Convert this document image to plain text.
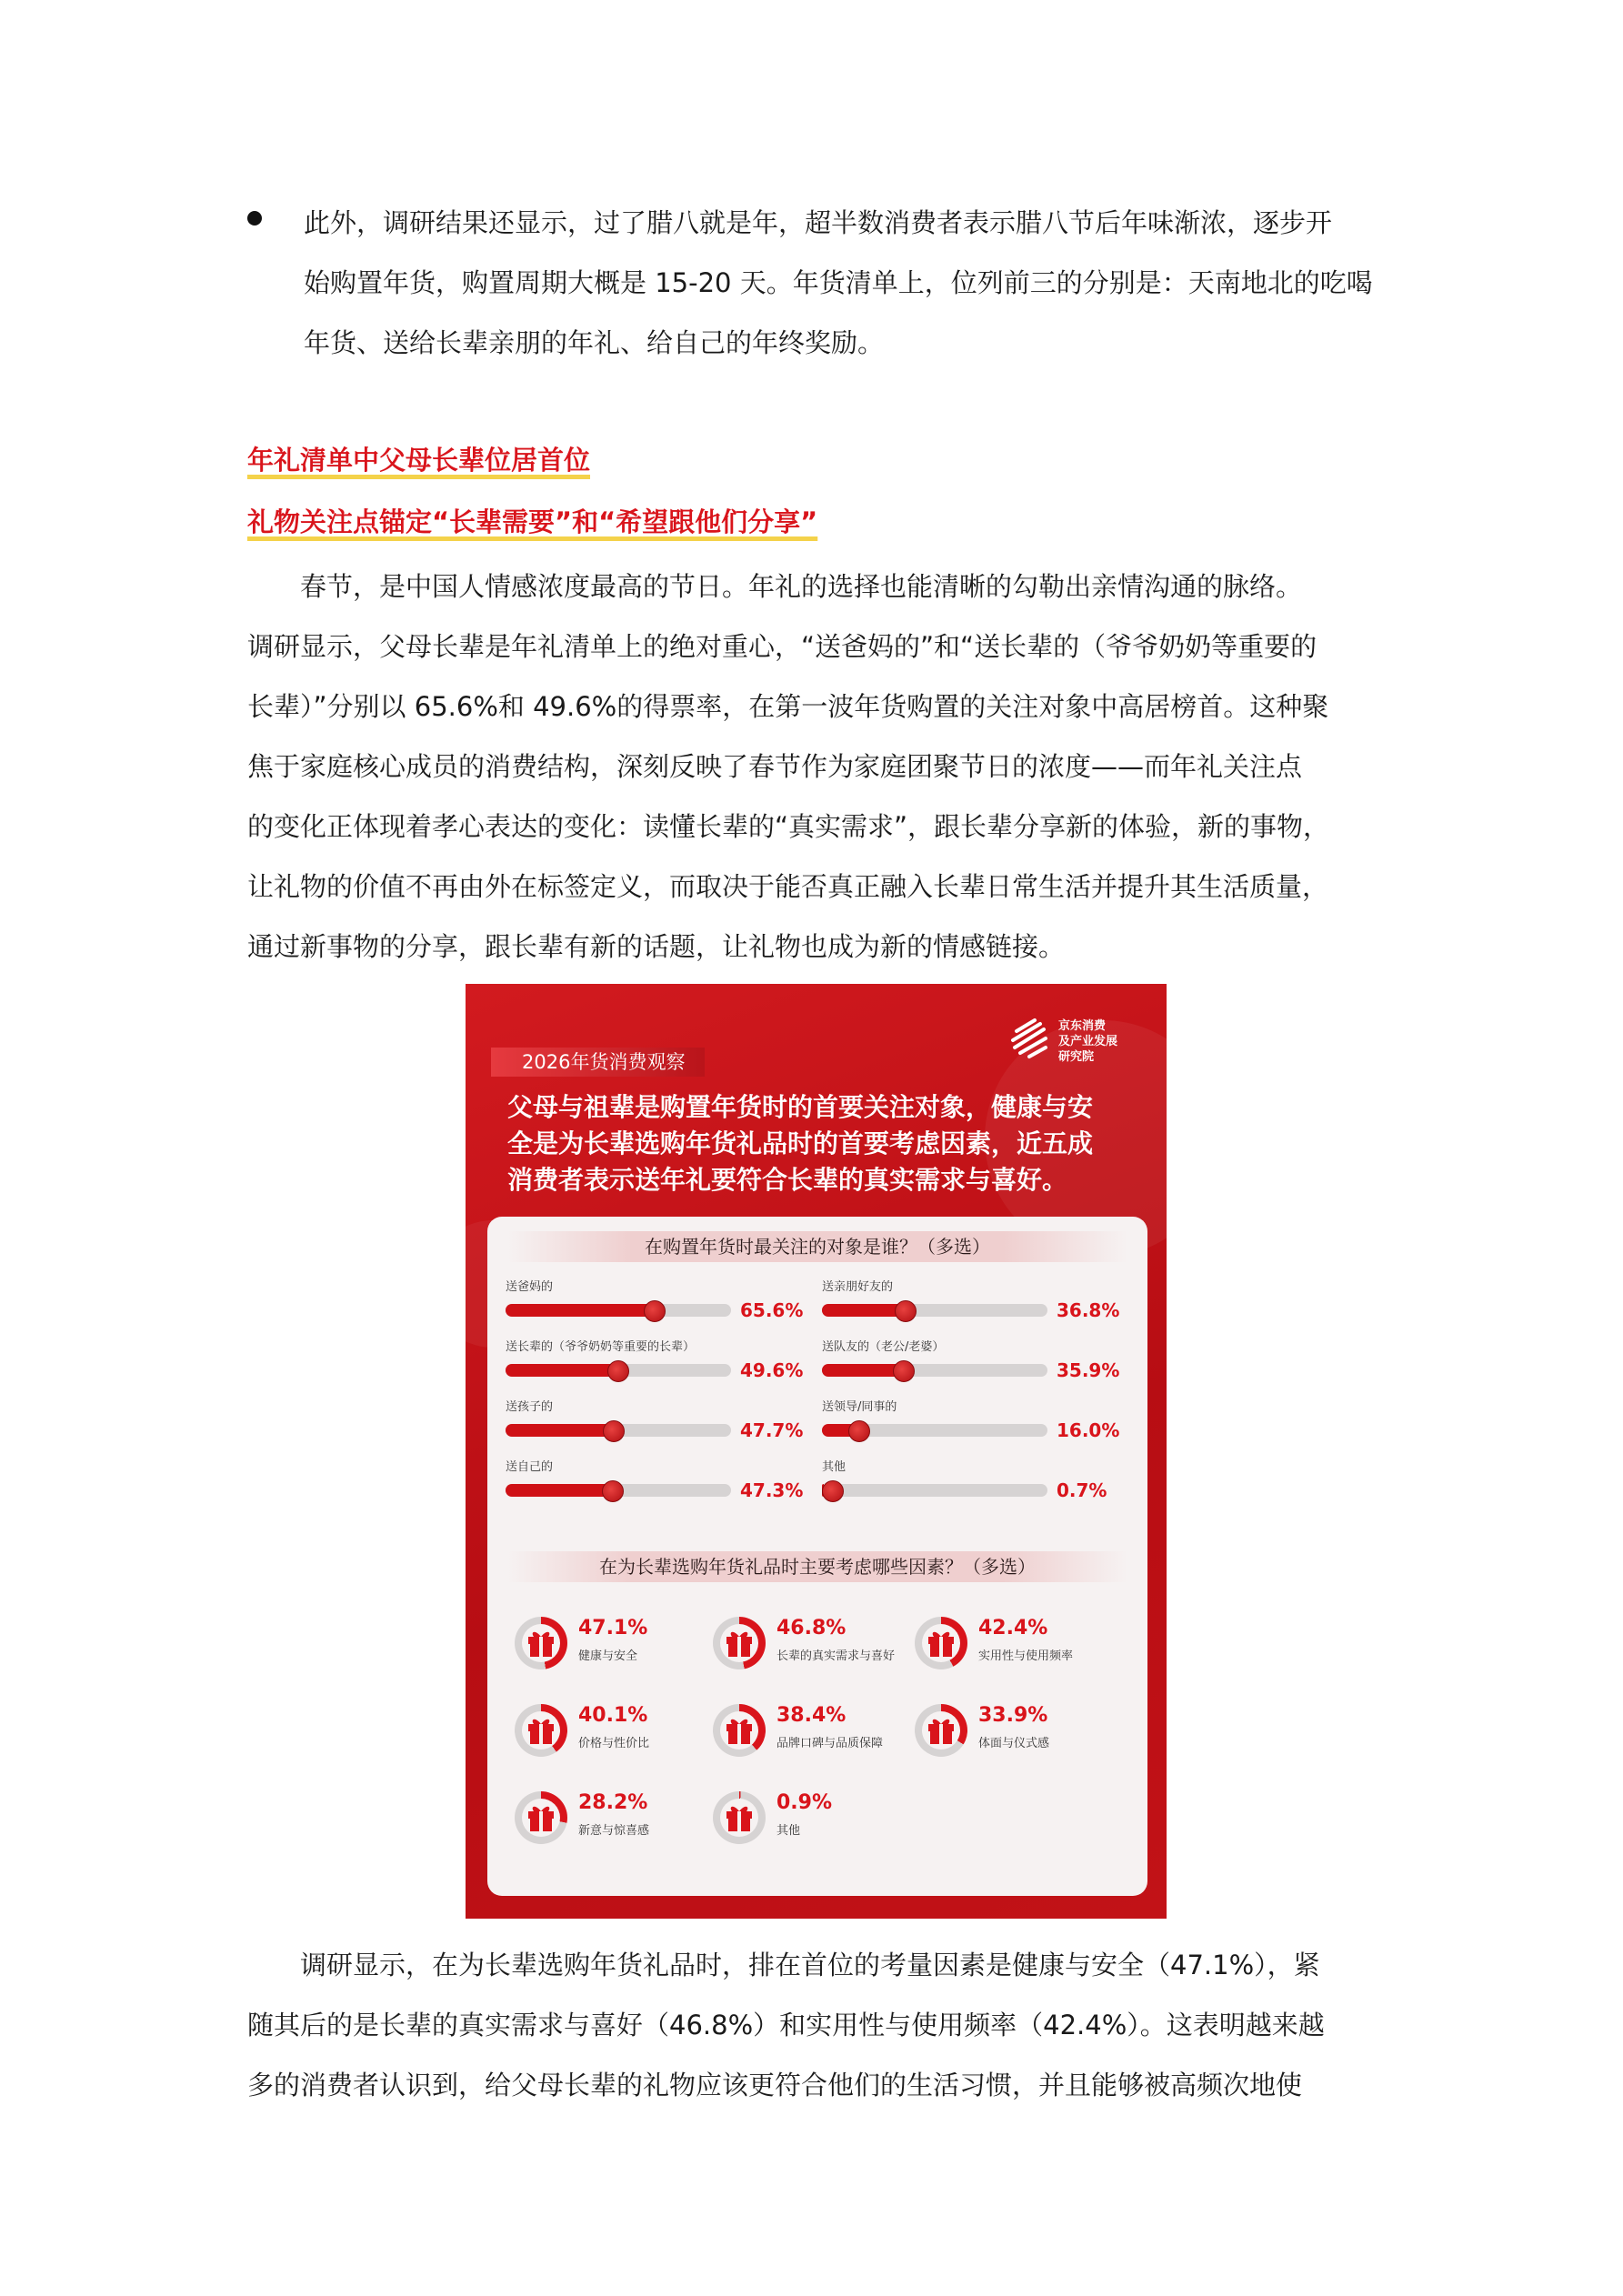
此外，调研结果还显示，过了腊八就是年，超半数消费者表示腊八节后年味渐浓，逐步开

始购置年货，购置周期大概是 15-20 天。年货清单上，位列前三的分别是：天南地北的吃喝

年货、送给长辈亲朋的年礼、给自己的年终奖励。

年礼清单中父母长辈位居首位
礼物关注点锚定“长辈需要”和“希望跟他们分享”

　　春节，是中国人情感浓度最高的节日。年礼的选择也能清晰的勾勒出亲情沟通的脉络。

调研显示，父母长辈是年礼清单上的绝对重心，“送爸妈的”和“送长辈的（爷爷奶奶等重要的

长辈）”分别以 65.6%和 49.6%的得票率，在第一波年货购置的关注对象中高居榜首。这种聚

焦于家庭核心成员的消费结构，深刻反映了春节作为家庭团聚节日的浓度——而年礼关注点

的变化正体现着孝心表达的变化：读懂长辈的“真实需求”，跟长辈分享新的体验，新的事物，

让礼物的价值不再由外在标签定义，而取决于能否真正融入长辈日常生活并提升其生活质量，

通过新事物的分享，跟长辈有新的话题，让礼物也成为新的情感链接。

2026年货消费观察
京东消费
及产业发展
研究院
父母与祖辈是购置年货时的首要关注对象，健康与安
全是为长辈选购年货礼品时的首要考虑因素，近五成
消费者表示送年礼要符合长辈的真实需求与喜好。
在购置年货时最关注的对象是谁？（多选）
送爸妈的
65.6%
送长辈的（爷爷奶奶等重要的长辈）
49.6%
送孩子的
47.7%
送自己的
47.3%
送亲朋好友的
36.8%
送队友的（老公/老婆）
35.9%
送领导/同事的
16.0%
其他
0.7%
在为长辈选购年货礼品时主要考虑哪些因素？（多选）
47.1%
健康与安全
46.8%
长辈的真实需求与喜好
42.4%
实用性与使用频率
40.1%
价格与性价比
38.4%
品牌口碑与品质保障
33.9%
体面与仪式感
28.2%
新意与惊喜感
0.9%
其他

　　调研显示，在为长辈选购年货礼品时，排在首位的考量因素是健康与安全（47.1%），紧

随其后的是长辈的真实需求与喜好（46.8%）和实用性与使用频率（42.4%）。这表明越来越

多的消费者认识到，给父母长辈的礼物应该更符合他们的生活习惯，并且能够被高频次地使
